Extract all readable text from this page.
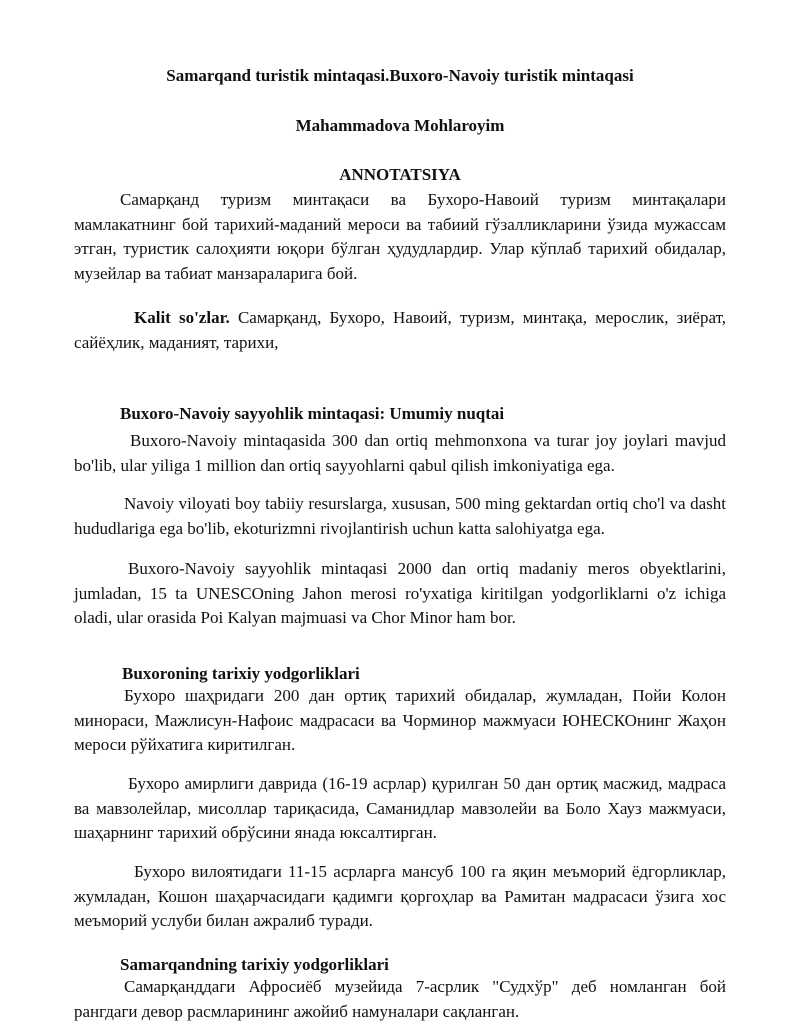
Samarqand turistik mintaqasi.Buxoro-Navoiy turistik mintaqasi
Mahammadova Mohlaroyim
ANNOTATSIYA
Самарқанд туризм минтақаси ва Бухоро-Навоий туризм минтақалари мамлакатнинг бой тарихий-маданий мероси ва табиий гўзалликларини ўзида мужассам этган, туристик салоҳияти юқори бўлган ҳудудлардир. Улар кўплаб тарихий обидалар, музейлар ва табиат манзараларига бой.
Kalit so'zlar. Самарқанд, Бухоро, Навоий, туризм, минтақа, мерослик, зиёрат, сайёҳлик, маданият, тарихи,
Buxoro-Navoiy sayyohlik mintaqasi: Umumiy nuqtai
Buxoro-Navoiy mintaqasida 300 dan ortiq mehmonxona va turar joy joylari mavjud bo'lib, ular yiliga 1 million dan ortiq sayyohlarni qabul qilish imkoniyatiga ega.
Navoiy viloyati boy tabiiy resurslarga, xususan, 500 ming gektardan ortiq cho'l va dasht hududlariga ega bo'lib, ekoturizmni rivojlantirish uchun katta salohiyatga ega.
Buxoro-Navoiy sayyohlik mintaqasi 2000 dan ortiq madaniy meros obyektlarini, jumladan, 15 ta UNESCOning Jahon merosi ro'yxatiga kiritilgan yodgorliklarni o'z ichiga oladi, ular orasida Poi Kalyan majmuasi va Chor Minor ham bor.
Buxoroning tarixiy yodgorliklari
Бухоро шаҳридаги 200 дан ортиқ тарихий обидалар, жумладан, Пойи Колон минораси, Мажлисун-Нафоис мадрасаси ва Чорминор мажмуаси ЮНЕСКОнинг Жаҳон мероси рўйхатига киритилган.
Бухоро амирлиги даврида (16-19 асрлар) қурилган 50 дан ортиқ масжид, мадраса ва мавзолейлар, мисоллар тариқасида, Саманидлар мавзолейи ва Боло Хауз мажмуаси, шаҳарнинг тарихий обрўсини янада юксалтирган.
Бухоро вилоятидаги 11-15 асрларга мансуб 100 га яқин меъморий ёдгорликлар, жумладан, Кошон шаҳарчасидаги қадимги қоргоҳлар ва Рамитан мадрасаси ўзига хос меъморий услуби билан ажралиб туради.
Samarqandning tarixiy yodgorliklari
Самарқанддаги Афросиёб музейида 7-асрлик "Судхўр" деб номланган бой рангдаги девор расмларининг ажойиб намуналари сақланган.
